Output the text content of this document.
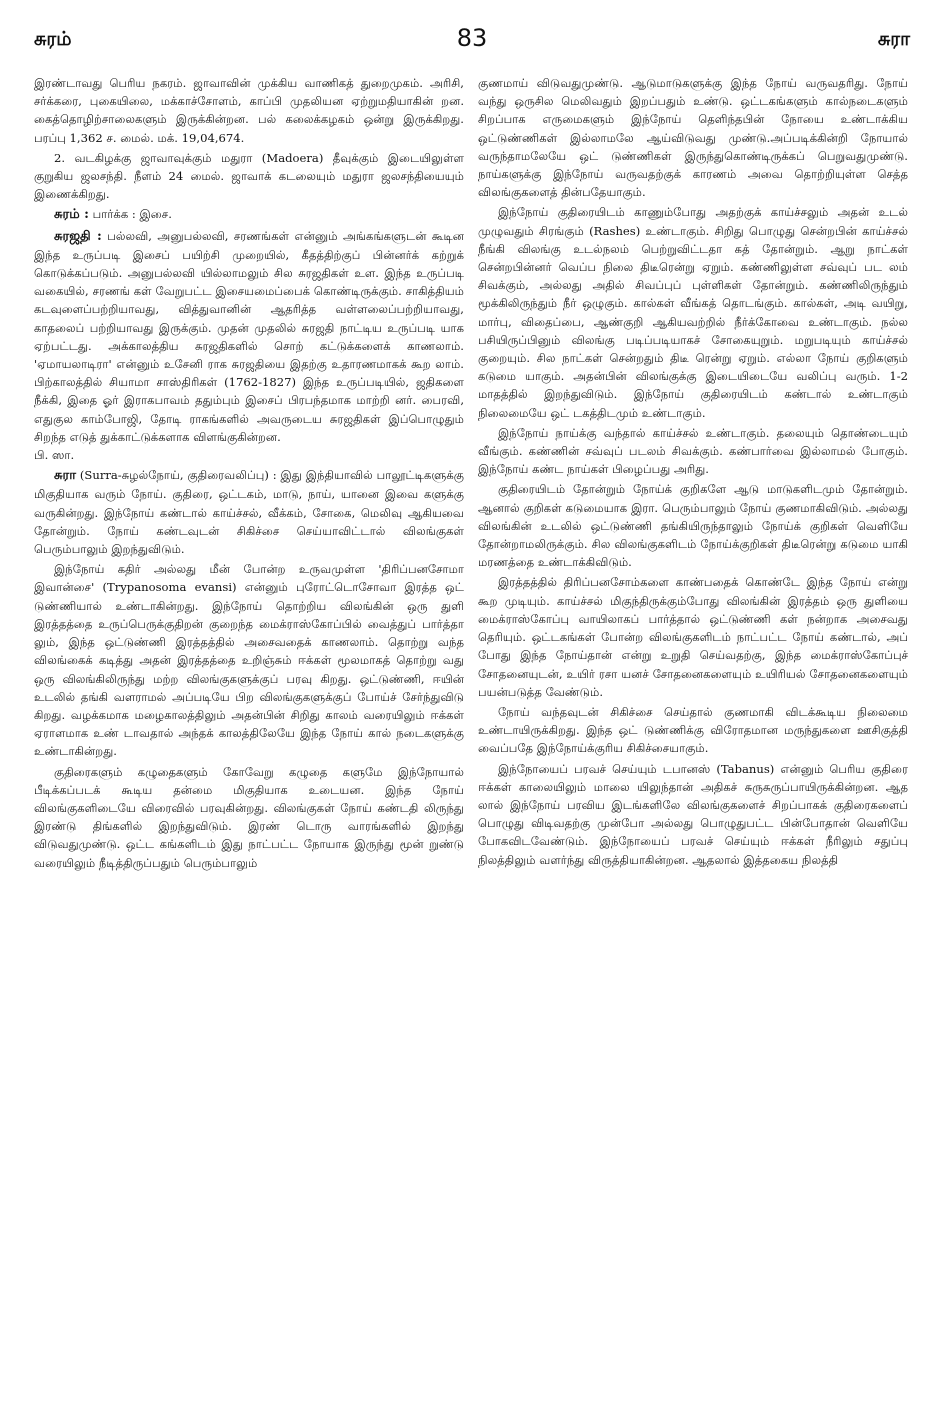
சுரம்	83	சுரா

இரண்டாவது பெரிய நகரம். ஜாவாவின் முக்கிய வாணிகத் துறைமுகம். அரிசி, சர்க்கரை, புகையிலை, மக்காச்சோளம், காப்பி முதலியன ஏற்றுமதியாகின் றன. கைத்தொழிற்சாலைகளும் இருக்கின்றன. பல் கலைக்கழகம் ஒன்று இருக்கிறது. பரப்பு 1,362 ச. மைல். மக். 19,04,674.

2. வடகிழக்கு ஜாவாவுக்கும் மதுரா (Madoera) தீவுக்கும் இடையிலுள்ள குறுகிய ஜலசந்தி. நீளம் 24 மைல். ஜாவாக் கடலையும் மதுரா ஜலசந்தியையும் இணைக்கிறது.

சுரம் : பார்க்க : இசை.

சுரஜதி : பல்லவி, அனுபல்லவி, சரணங்கள் என்னும் அங்கங்களுடன் கூடின இந்த உருப்படி இசைப் பயிற்சி முறையில், கீதத்திற்குப் பின்னர்க் கற்றுக் கொடுக்கப்படும். அனுபல்லவி யில்லாமலும் சில சுரஜதிகள் உள. இந்த உருப்படி வகையில், சரணங் கள் வேறுபட்ட இசையமைப்பைக் கொண்டிருக்கும். சாகித்தியம் கடவுளைப்பற்றியாவது, வித்துவானின் ஆதரித்த வள்ளலைப்பற்றியாவது, காதலைப் பற்றியாவது இருக்கும். முதன் முதலில் சுரஜதி நாட்டிய உருப்படி யாக ஏற்பட்டது. அக்காலத்திய சுரஜதிகளில் சொற் கட்டுக்களைக் காணலாம். 'ஏமாயலாடிரா' என்னும் உசேனி ராக சுரஜதியை இதற்கு உதாரணமாகக் கூற லாம். பிற்காலத்தில் சியாமா சாஸ்திரிகள் (1762-1827) இந்த உருப்படியில், ஜதிகளை நீக்கி, இதை ஓர் இராகபாவம் ததும்பும் இசைப் பிரபந்தமாக மாற்றி னர். பைரவி, எதுகுல காம்போஜி, தோடி ராகங்களில் அவருடைய சுரஜதிகள் இப்பொழுதும் சிறந்த எடுத் துக்காட்டுக்களாக விளங்குகின்றன.

பி. ஸா.

சுரா (Surra-சுழல்நோய், குதிரைவலிப்பு) : இது இந்தியாவில் பாலூட்டிகளுக்கு மிகுதியாக வரும் நோய். குதிரை, ஒட்டகம், மாடு, நாய், யானை இவை களுக்கு வருகின்றது. இந்நோய் கண்டால் காய்ச்சல், வீக்கம், சோகை, மெலிவு ஆகியவை தோன்றும். நோய் கண்டவுடன் சிகிச்சை செய்யாவிட்டால் விலங்குகள் பெரும்பாலும் இறந்துவிடும்.

இந்நோய் கதிர் அல்லது மீன் போன்ற உருவமுள்ள 'திரிப்பனசோமா இவான்சை' (Trypanosoma evansi) என்னும் புரோட்டொசோவா இரத்த ஒட் டுண்ணியால் உண்டாகின்றது. இந்நோய் தொற்றிய விலங்கின் ஒரு துளி இரத்தத்தை உருப்பெருக்குதிறன் குறைந்த மைக்ராஸ்கோப்பில் வைத்துப் பார்த்தா லும், இந்த ஒட்டுண்ணி இரத்தத்தில் அசைவதைக் காணலாம். தொற்று வந்த விலங்கைக் கடித்து அதன் இரத்தத்தை உறிஞ்சும் ஈக்கள் மூலமாகத் தொற்று வது ஒரு விலங்கிலிருந்து மற்ற விலங்குகளுக்குப் பரவு கிறது. ஒட்டுண்ணி, ஈயின் உடலில் தங்கி வளராமல் அப்படியே பிற விலங்குகளுக்குப் போய்ச் சேர்ந்துவிடு கிறது. வழக்கமாக மழைகாலத்திலும் அதன்பின் சிறிது காலம் வரையிலும் ஈக்கள் ஏராளமாக உண் டாவதால் அந்தக் காலத்திலேயே இந்த நோய் கால் நடைகளுக்கு உண்டாகின்றது.

குதிரைகளும் கழுதைகளும் கோவேறு கழுதை களுமே இந்நோயால் பீடிக்கப்படக் கூடிய தன்மை மிகுதியாக உடையன. இந்த நோய் விலங்குகளிடையே விரைவில் பரவுகின்றது. விலங்குகள் நோய் கண்டதி லிருந்து இரண்டு திங்களில் இறந்துவிடும். இரண் டொரு வாரங்களில் இறந்து விடுவதுமுண்டு. ஒட்ட கங்களிடம் இது நாட்பட்ட நோயாக இருந்து மூன் றுண்டு வரையிலும் நீடித்திருப்பதும் பெரும்பாலும்

குணமாய் விடுவதுமுண்டு. ஆடுமாடுகளுக்கு இந்த நோய் வருவதரிது. நோய் வந்து ஒருசில மெலிவதும் இறப்பதும் உண்டு. ஒட்டகங்களும் கால்நடைகளும் சிறப்பாக எருமைகளும் இந்நோய் தெளிந்தபின் நோயை உண்டாக்கிய ஒட்டுண்ணிகள் இல்லாமலே ஆய்விடுவது முண்டு.அப்படிக்கின்றி நோயால் வருந்தாமலேயே ஒட் டுண்ணிகள் இருந்துகொண்டிருக்கப் பெறுவதுமுண்டு. நாய்களுக்கு இந்நோய் வருவதற்குக் காரணம் அவை தொற்றியுள்ள செத்த விலங்குகளைத் தின்பதேயாகும்.

இந்நோய் குதிரையிடம் காணும்போது அதற்குக் காய்ச்சலும் அதன் உடல் முழுவதும் சிரங்கும் (Rashes) உண்டாகும். சிறிது பொழுது சென்றபின் காய்ச்சல் நீங்கி விலங்கு உடல்நலம் பெற்றுவிட்டதா கத் தோன்றும். ஆறு நாட்கள் சென்றபின்னர் வெப்ப நிலை திடீரென்று ஏறும். கண்ணிலுள்ள சவ்வுப் பட லம் சிவக்கும், அல்லது அதில் சிவப்புப் புள்ளிகள் தோன்றும். கண்ணிலிருந்தும் மூக்கிலிருந்தும் நீர் ஒழுகும். கால்கள் வீங்கத் தொடங்கும். கால்கள், அடி வயிறு, மார்பு, விதைப்பை, ஆண்குறி ஆகியவற்றில் நீர்க்கோவை உண்டாகும். நல்ல பசியிருப்பினும் விலங்கு படிப்படியாகச் சோகையுறும். மறுபடியும் காய்ச்சல் குறையும். சில நாட்கள் சென்றதும் திடீ ரென்று ஏறும். எல்லா நோய் குறிகளும் கடுமை யாகும். அதன்பின் விலங்குக்கு இடையிடையே வலிப்பு வரும். 1-2 மாதத்தில் இறந்துவிடும். இந்நோய் குதிரையிடம் கண்டால் உண்டாகும் நிலைமையே ஒட் டகத்திடமும் உண்டாகும்.

இந்நோய் நாய்க்கு வந்தால் காய்ச்சல் உண்டாகும். தலையும் தொண்டையும் வீங்கும். கண்ணின் சவ்வுப் படலம் சிவக்கும். கண்பார்வை இல்லாமல் போகும். இந்நோய் கண்ட நாய்கள் பிழைப்பது அரிது.

குதிரையிடம் தோன்றும் நோய்க் குறிகளே ஆடு மாடுகளிடமும் தோன்றும். ஆனால் குறிகள் கடுமையாக இரா. பெரும்பாலும் நோய் குணமாகிவிடும். அல்லது விலங்கின் உடலில் ஒட்டுண்ணி தங்கியிருந்தாலும் நோய்க் குறிகள் வெளியே தோன்றாமலிருக்கும். சில விலங்குகளிடம் நோய்க்குறிகள் திடீரென்று கடுமை யாகி மரணத்தை உண்டாக்கிவிடும்.

இரத்தத்தில் திரிப்பனசோம்களை காண்பதைக் கொண்டே இந்த நோய் என்று கூற முடியும். காய்ச்சல் மிகுந்திருக்கும்போது விலங்கின் இரத்தம் ஒரு துளியை மைக்ராஸ்கோப்பு வாயிலாகப் பார்த்தால் ஒட்டுண்ணி கள் நன்றாக அசைவது தெரியும். ஒட்டகங்கள் போன்ற விலங்குகளிடம் நாட்பட்ட நோய் கண்டால், அப் போது இந்த நோய்தான் என்று உறுதி செய்வதற்கு, இந்த மைக்ராஸ்கோப்புச் சோதனையுடன், உயிர் ரசா யனச் சோதனைகளையும் உயிரியல் சோதனைகளையும் பயன்படுத்த வேண்டும்.

நோய் வந்தவுடன் சிகிச்சை செய்தால் குணமாகி விடக்கூடிய நிலைமை உண்டாயிருக்கிறது. இந்த ஒட் டுண்ணிக்கு விரோதமான மருந்துகளை ஊசிகுத்தி வைப்பதே இந்நோய்க்குரிய சிகிச்சையாகும்.

இந்நோயைப் பரவச் செய்யும் டபானஸ் (Tabanus) என்னும் பெரிய குதிரை ஈக்கள் காலையிலும் மாலை யிலுந்தான் அதிகச் சுருசுருப்பாயிருக்கின்றன. ஆத லால் இந்நோய் பரவிய இடங்களிலே விலங்குகளைச் சிறப்பாகக் குதிரைகளைப் பொழுது விடிவதற்கு முன்போ அல்லது பொழுதுபட்ட பின்போதான் வெளியே போகவிடவேண்டும். இந்நோயைப் பரவச் செய்யும் ஈக்கள் நீரிலும் சதுப்பு நிலத்திலும் வளர்ந்து விருத்தியாகின்றன. ஆதலால் இத்தகைய நிலத்தி
